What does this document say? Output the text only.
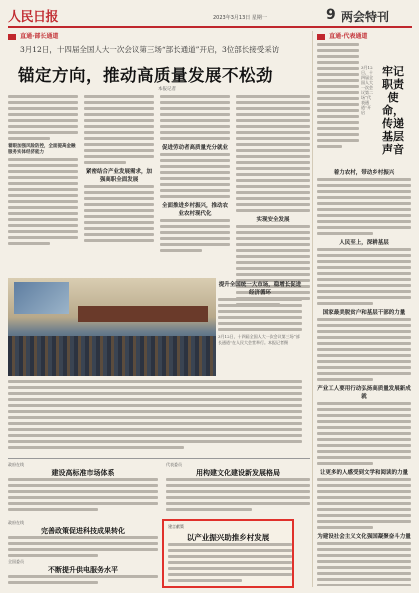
人民日报	2023年3月13日 星期一	9 两会特刊
直通·部长通道
3月12日，十四届全国人大一次会议第三场“部长通道”开启，3位部长接受采访
锚定方向，推动高质量发展不松劲
本报记者
着眼加强风险防控，全面提高金融服务实体经济能力
紧密结合产业发展需求，加强高职全面发展
促进劳动者高质量充分就业
全面推进乡村振兴，推动农业农村现代化
实现安全发展
3月12日，十四届全国人大一次会议第三场“部长通道”在人民大会堂举行。本报记者摄
提升全国统一大市场，稳增长促进经济循环
直通·代表通道
3月12日，十四届全国人大一次会议第二场“代表通道”开启
牢记职责使命，传递基层声音
着力农村，带动乡村振兴
人民至上，深耕基层
国家最美脱贫户和基层干部的力量
产业工人要用行动弘扬高质量发展新成就
让更多的人感受到文学和阅读的力量
为建设社会主义文化强国凝聚奋斗力量
政府在线
建设高标准市场体系
代表委员
用构建文化建设新发展格局
政府在线
完善政策促进科技成果转化
全国委员
不断提升供电服务水平
建言献策
以产业振兴助推乡村发展
